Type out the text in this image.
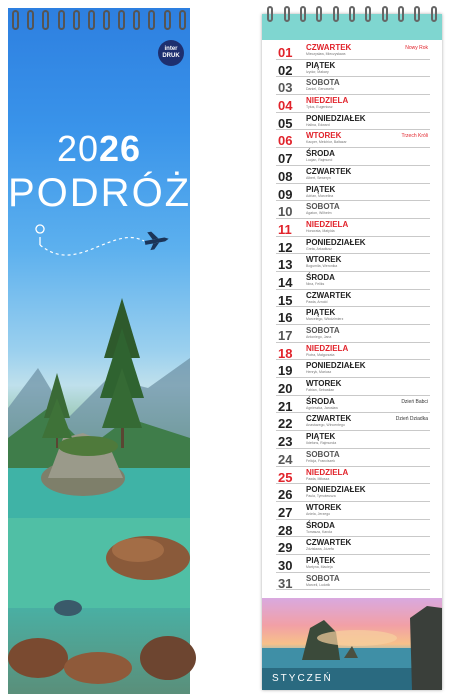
inter
DRUK
2026
PODRÓŻE
01	CZWARTEK
Mieczysław, Mieczysława
Nowy Rok
02	PIĄTEK
Izydor, Makary
03	SOBOTA
Daniel, Genowefa
04	NIEDZIELA
Tytus, Eugeniusz
05	PONIEDZIAŁEK
Halina, Edward
06	WTOREK
Kacper, Melchior, Baltazar
Trzech Króli
07	ŚRODA
Lucjan, Rajmund
08	CZWARTEK
Albert, Seweryn
09	PIĄTEK
Adrian, Marcelina
10	SOBOTA
Agaton, Wilhelm
11	NIEDZIELA
Honorata, Matylda
12	PONIEDZIAŁEK
Greta, Arkadiusz
13	WTOREK
Bogumiła, Weronika
14	ŚRODA
Nina, Feliks
15	CZWARTEK
Pawła, Arnold
16	PIĄTEK
Marcelego, Włodzimierz
17	SOBOTA
Antoniego, Jana
18	NIEDZIELA
Piotra, Małgorzata
19	PONIEDZIAŁEK
Henryk, Mariusz
20	WTOREK
Fabian, Sebastian
21	ŚRODA
Agnieszka, Jarosław
Dzień Babci
22	CZWARTEK
Anastazego, Wincentego
Dzień Dziadka
23	PIĄTEK
Ildefons, Rajmunda
24	SOBOTA
Felicja, Franciszek
25	NIEDZIELA
Pawła, Miłosza
26	PONIEDZIAŁEK
Paula, Tymoteusza
27	WTOREK
Aniela, Jerzego
28	ŚRODA
Tomasza, Karola
29	CZWARTEK
Zdzisława, Józefa
30	PIĄTEK
Martyna, Macieja
31	SOBOTA
Marceli, Ludwik
STYCZEŃ
